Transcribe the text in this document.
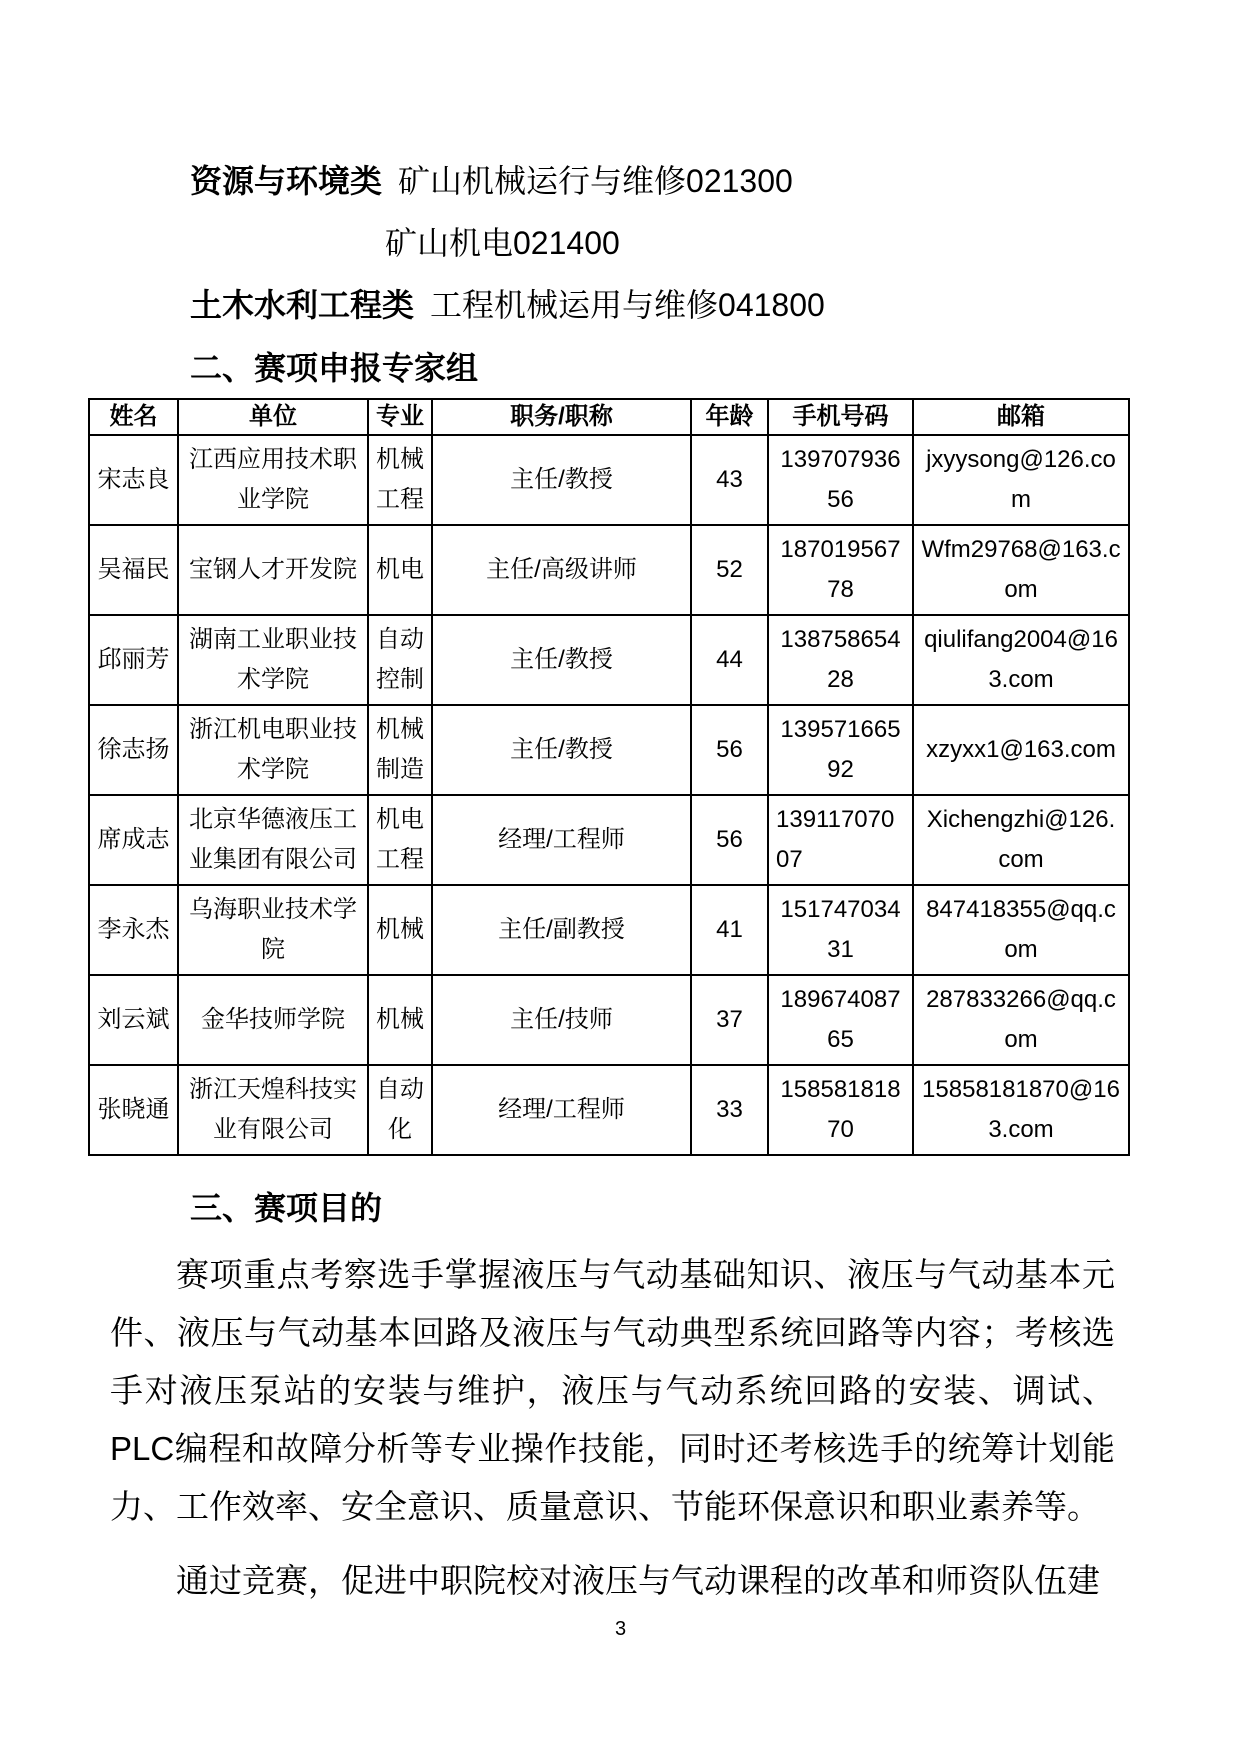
资源与环境类 矿山机械运行与维修021300
矿山机电021400
土木水利工程类 工程机械运用与维修041800
二、赛项申报专家组
姓名	单位	专业	职务/职称	年龄	手机号码	邮箱
宋志良	江西应用技术职业学院	机械工程	主任/教授	43	13970793656	jxyysong@126.com
吴福民	宝钢人才开发院	机电	主任/高级讲师	52	18701956778	Wfm29768@163.com
邱丽芳	湖南工业职业技术学院	自动控制	主任/教授	44	13875865428	qiulifang2004@163.com
徐志扬	浙江机电职业技术学院	机械制造	主任/教授	56	13957166592	xzyxx1@163.com
席成志	北京华德液压工业集团有限公司	机电工程	经理/工程师	56	13911707007	Xichengzhi@126.com
李永杰	乌海职业技术学院	机械	主任/副教授	41	15174703431	847418355@qq.com
刘云斌	金华技师学院	机械	主任/技师	37	18967408765	287833266@qq.com
张晓通	浙江天煌科技实业有限公司	自动化	经理/工程师	33	15858181870	15858181870@163.com
三、赛项目的

赛项重点考察选手掌握液压与气动基础知识、液压与气动基本元件、液压与气动基本回路及液压与气动典型系统回路等内容；考核选手对液压泵站的安装与维护，液压与气动系统回路的安装、调试、PLC编程和故障分析等专业操作技能，同时还考核选手的统筹计划能力、工作效率、安全意识、质量意识、节能环保意识和职业素养等。

通过竞赛，促进中职院校对液压与气动课程的改革和师资队伍建

3
